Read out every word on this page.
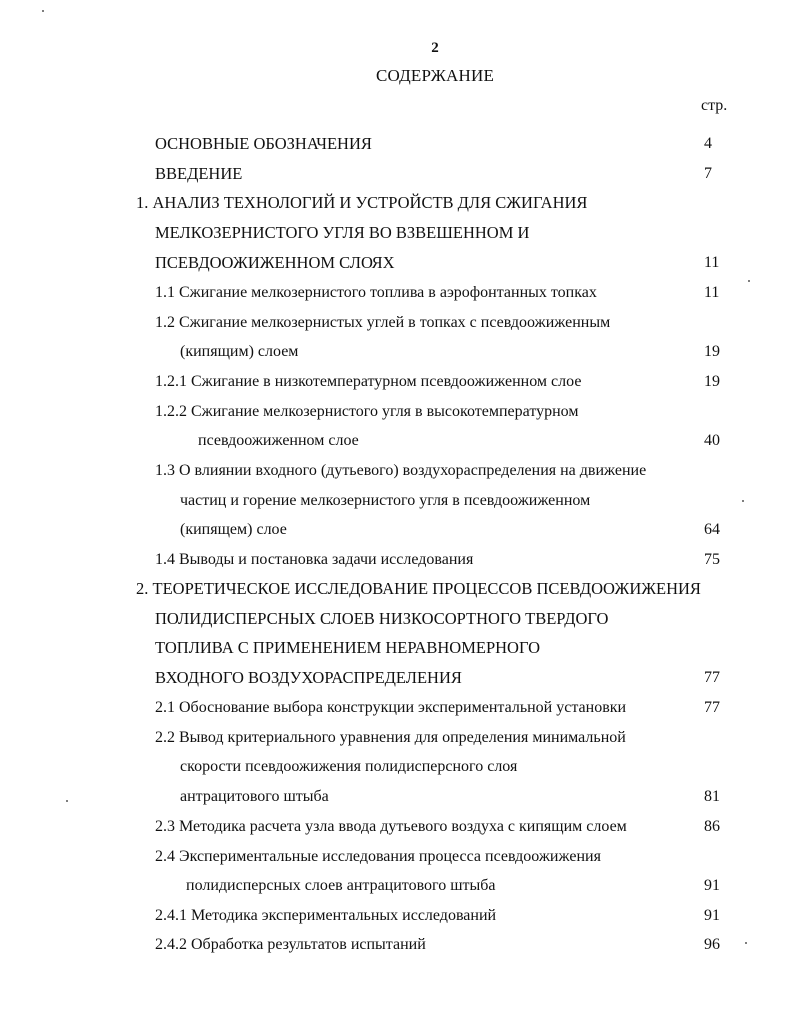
2
СОДЕРЖАНИЕ
стр.
ОСНОВНЫЕ ОБОЗНАЧЕНИЯ	4
ВВЕДЕНИЕ	7
1. АНАЛИЗ ТЕХНОЛОГИЙ И УСТРОЙСТВ ДЛЯ СЖИГАНИЯ
МЕЛКОЗЕРНИСТОГО УГЛЯ ВО ВЗВЕШЕННОМ И
ПСЕВДООЖИЖЕННОМ СЛОЯХ	11
1.1 Сжигание мелкозернистого топлива в аэрофонтанных топках	11
1.2 Сжигание мелкозернистых углей в топках с псевдоожиженным
(кипящим) слоем	19
1.2.1 Сжигание в низкотемпературном псевдоожиженном слое	19
1.2.2 Сжигание мелкозернистого угля в высокотемпературном
псевдоожиженном слое	40
1.3 О влиянии входного (дутьевого) воздухораспределения на движение
частиц и горение мелкозернистого угля в псевдоожиженном
(кипящем) слое	64
1.4 Выводы и постановка задачи исследования	75
2. ТЕОРЕТИЧЕСКОЕ ИССЛЕДОВАНИЕ ПРОЦЕССОВ ПСЕВДООЖИЖЕНИЯ
ПОЛИДИСПЕРСНЫХ СЛОЕВ НИЗКОСОРТНОГО ТВЕРДОГО
ТОПЛИВА С ПРИМЕНЕНИЕМ НЕРАВНОМЕРНОГО
ВХОДНОГО ВОЗДУХОРАСПРЕДЕЛЕНИЯ	77
2.1 Обоснование выбора конструкции экспериментальной установки	77
2.2 Вывод критериального уравнения для определения минимальной
скорости псевдоожижения полидисперсного слоя
антрацитового штыба	81
2.3 Методика расчета узла ввода дутьевого воздуха с кипящим слоем	86
2.4 Экспериментальные исследования процесса псевдоожижения
полидисперсных слоев антрацитового штыба	91
2.4.1 Методика экспериментальных исследований	91
2.4.2 Обработка результатов испытаний	96
